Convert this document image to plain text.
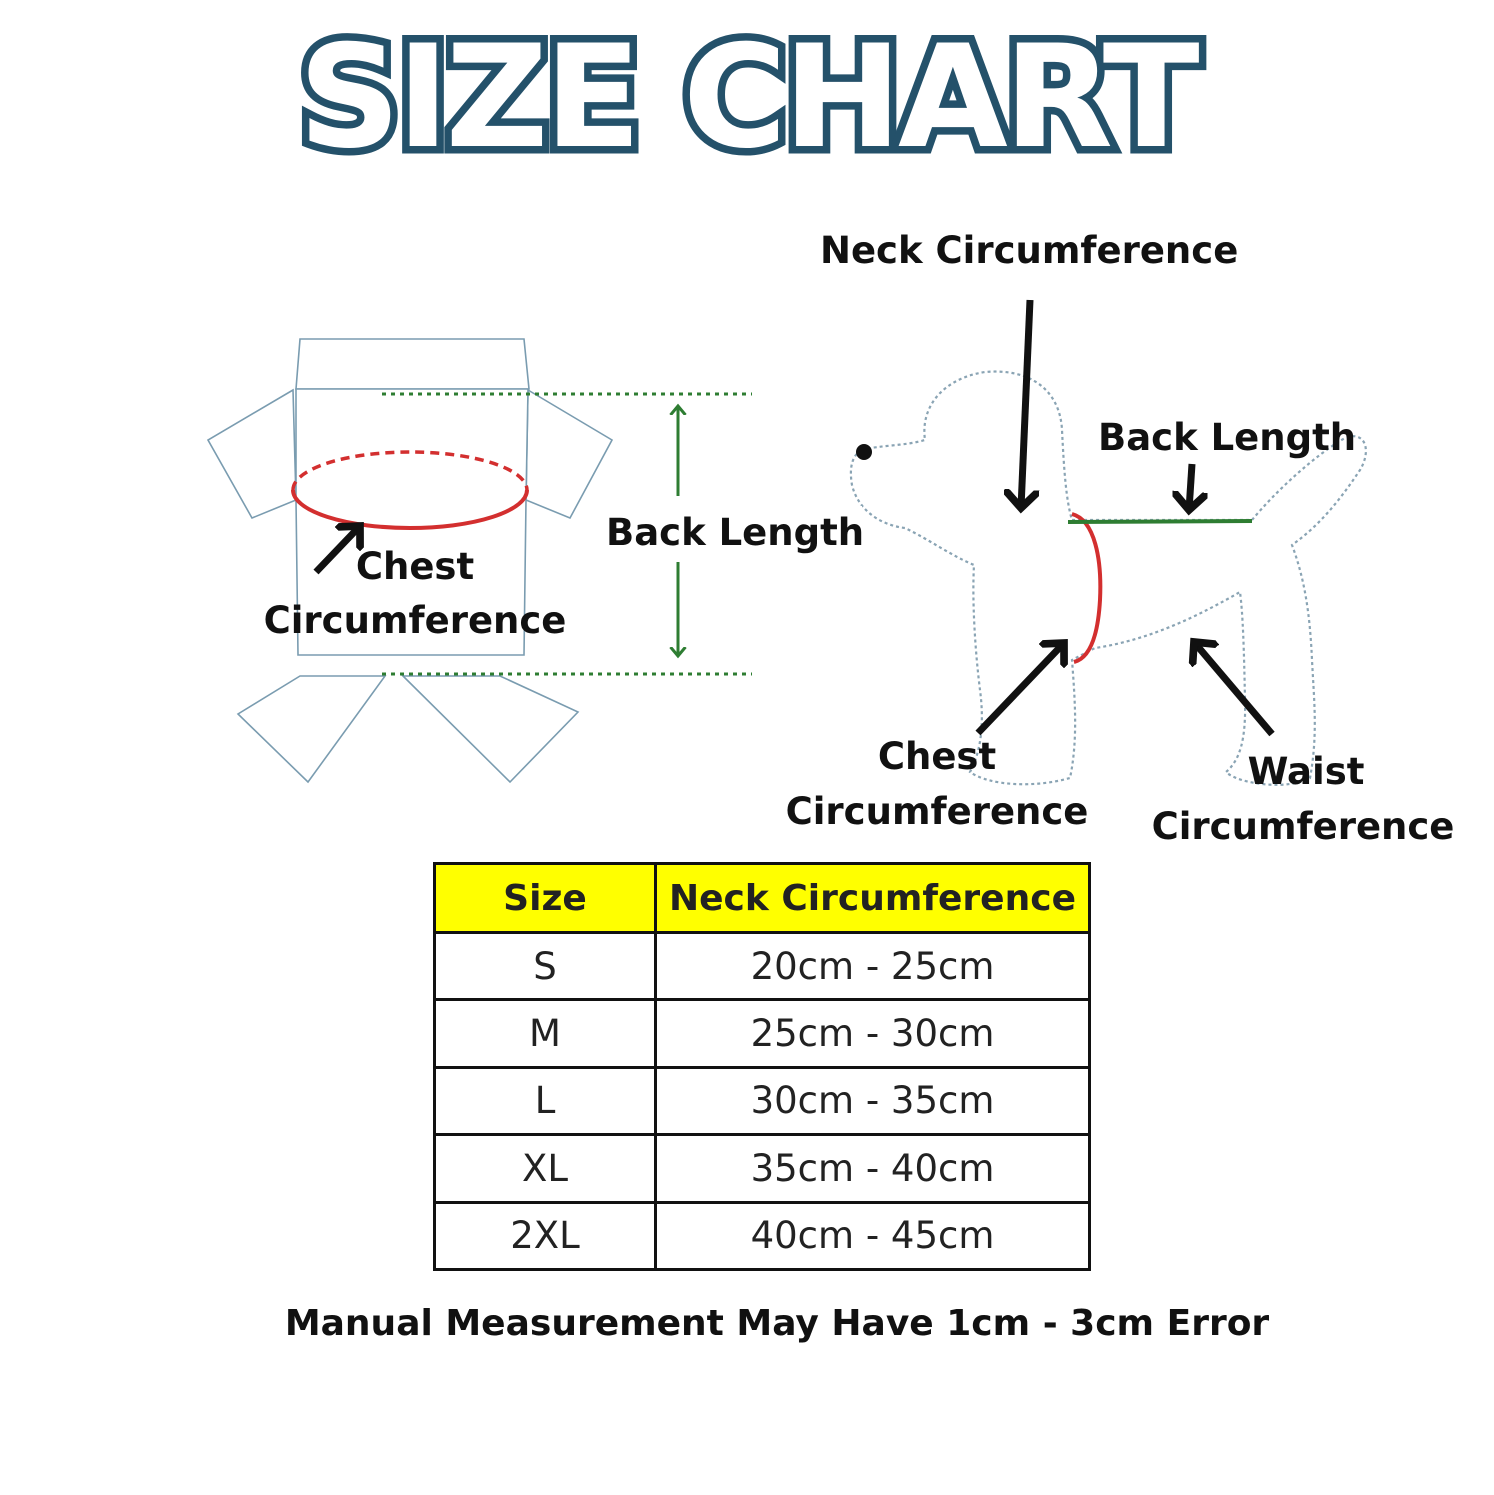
SIZE CHART
Chest
Circumference
Back Length
Neck Circumference
Back Length
Chest
Circumference
Waist
Circumference
Size	Neck Circumference
S	20cm - 25cm
M	25cm - 30cm
L	30cm - 35cm
XL	35cm - 40cm
2XL	40cm - 45cm
Manual Measurement May Have 1cm - 3cm Error
